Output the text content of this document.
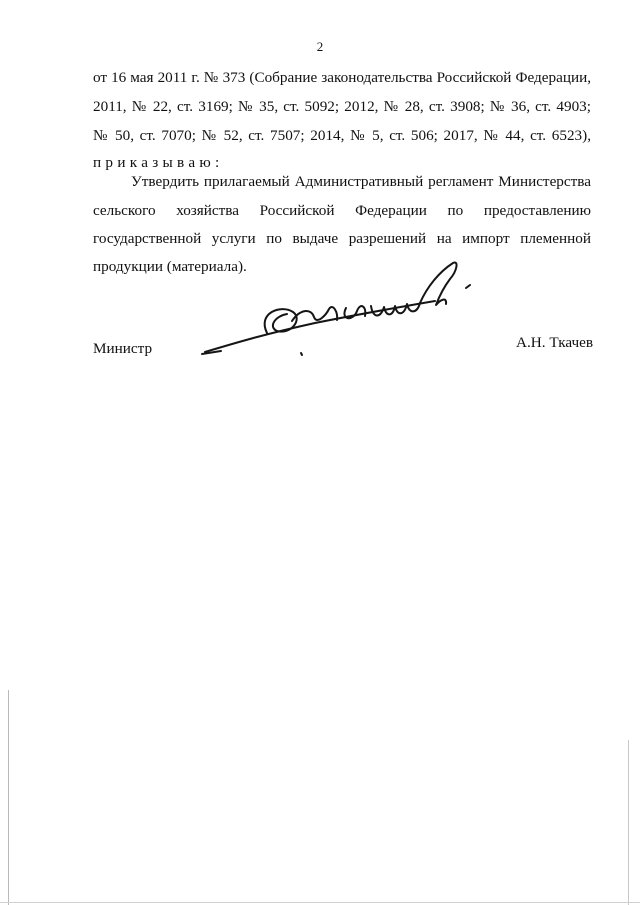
2
от 16 мая 2011 г. № 373 (Собрание законодательства Российской Федерации,
2011, № 22, ст. 3169; № 35, ст. 5092; 2012, № 28, ст. 3908; № 36, ст. 4903;
№ 50, ст. 7070; № 52, ст. 7507; 2014, № 5, ст. 506; 2017, № 44, ст. 6523),
приказываю:
Утвердить прилагаемый Административный регламент Министерства
сельского хозяйства Российской Федерации по предоставлению
государственной услуги по выдаче разрешений на импорт племенной
продукции (материала).
Министр	А.Н. Ткачев
